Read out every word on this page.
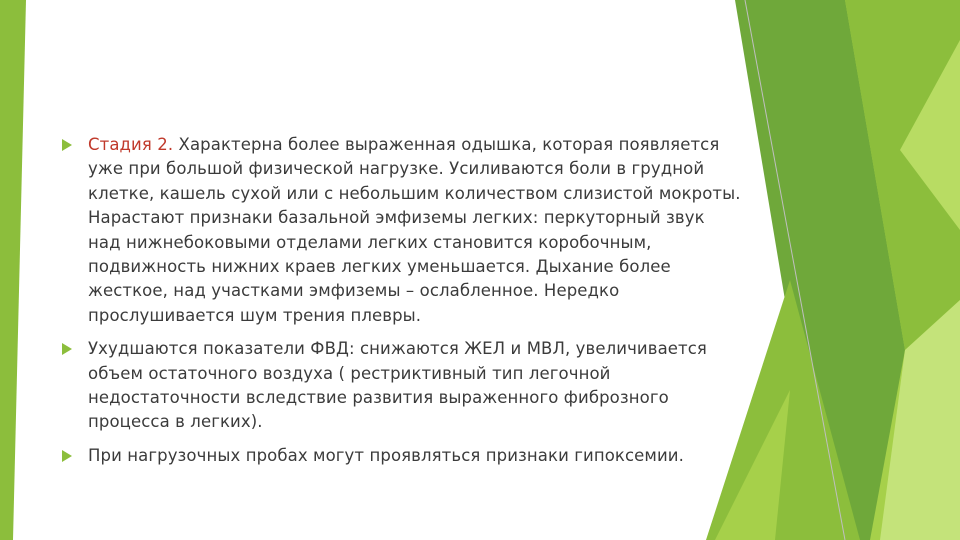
Стадия 2. Характерна более выраженная одышка, которая появляется уже при большой физической нагрузке. Усиливаются боли в грудной клетке, кашель сухой или с небольшим количеством слизистой мокроты. Нарастают признаки базальной эмфиземы легких: перкуторный звук над нижнебоковыми отделами легких становится коробочным, подвижность нижних краев легких уменьшается. Дыхание более жесткое, над участками эмфиземы – ослабленное. Нередко прослушивается шум трения плевры.
Ухудшаются показатели ФВД: снижаются ЖЕЛ и МВЛ, увеличивается объем остаточного воздуха ( рестриктивный тип легочной недостаточности вследствие развития выраженного фиброзного процесса в легких).
При нагрузочных пробах могут проявляться признаки гипоксемии.
